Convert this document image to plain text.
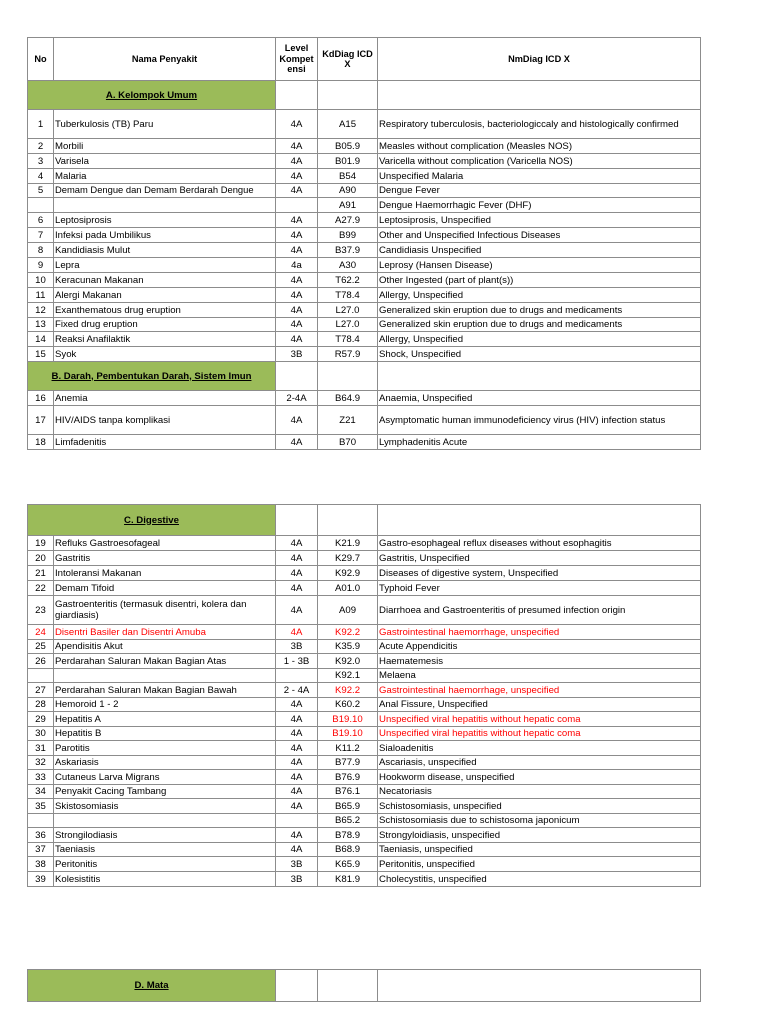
No	Nama Penyakit	Level Kompet ensi	KdDiag ICD X	NmDiag ICD X
A. Kelompok Umum				
1	Tuberkulosis (TB) Paru	4A	A15	Respiratory tuberculosis, bacteriologiccaly and histologically confirmed
2	Morbili	4A	B05.9	Measles without complication (Measles NOS)
3	Varisela	4A	B01.9	Varicella without complication (Varicella NOS)
4	Malaria	4A	B54	Unspecified Malaria
5	Demam Dengue dan Demam Berdarah Dengue	4A	A90	Dengue Fever
			A91	Dengue Haemorrhagic Fever (DHF)
6	Leptosiprosis	4A	A27.9	Leptosiprosis, Unspecified
7	Infeksi pada Umbilikus	4A	B99	Other and Unspecified Infectious Diseases
8	Kandidiasis Mulut	4A	B37.9	Candidiasis Unspecified
9	Lepra	4a	A30	Leprosy (Hansen Disease)
10	Keracunan Makanan	4A	T62.2	Other Ingested (part of plant(s))
11	Alergi Makanan	4A	T78.4	Allergy, Unspecified
12	Exanthematous drug eruption	4A	L27.0	Generalized skin eruption due to drugs and medicaments
13	Fixed drug eruption	4A	L27.0	Generalized skin eruption due to drugs and medicaments
14	Reaksi Anafilaktik	4A	T78.4	Allergy, Unspecified
15	Syok	3B	R57.9	Shock, Unspecified
B. Darah, Pembentukan Darah, Sistem Imun				
16	Anemia	2-4A	B64.9	Anaemia, Unspecified
17	HIV/AIDS tanpa komplikasi	4A	Z21	Asymptomatic human immunodeficiency virus (HIV) infection status
18	Limfadenitis	4A	B70	Lymphadenitis Acute
C. Digestive				
19	Refluks Gastroesofageal	4A	K21.9	Gastro-esophageal reflux diseases without esophagitis
20	Gastritis	4A	K29.7	Gastritis, Unspecified
21	Intoleransi Makanan	4A	K92.9	Diseases of digestive system, Unspecified
22	Demam Tifoid	4A	A01.0	Typhoid Fever
23	Gastroenteritis (termasuk disentri, kolera dan giardiasis)	4A	A09	Diarrhoea and Gastroenteritis of presumed infection origin
24	Disentri Basiler dan Disentri Amuba	4A	K92.2	Gastrointestinal haemorrhage, unspecified
25	Apendisitis Akut	3B	K35.9	Acute Appendicitis
26	Perdarahan Saluran Makan Bagian Atas	1 - 3B	K92.0	Haematemesis
			K92.1	Melaena
27	Perdarahan Saluran Makan Bagian Bawah	2 - 4A	K92.2	Gastrointestinal haemorrhage, unspecified
28	Hemoroid 1 - 2	4A	K60.2	Anal Fissure, Unspecified
29	Hepatitis A	4A	B19.10	Unspecified viral hepatitis without hepatic coma
30	Hepatitis B	4A	B19.10	Unspecified viral hepatitis without hepatic coma
31	Parotitis	4A	K11.2	Sialoadenitis
32	Askariasis	4A	B77.9	Ascariasis, unspecified
33	Cutaneus Larva Migrans	4A	B76.9	Hookworm disease, unspecified
34	Penyakit Cacing Tambang	4A	B76.1	Necatoriasis
35	Skistosomiasis	4A	B65.9	Schistosomiasis, unspecified
			B65.2	Schistosomiasis due to schistosoma japonicum
36	Strongilodiasis	4A	B78.9	Strongyloidiasis, unspecified
37	Taeniasis	4A	B68.9	Taeniasis, unspecified
38	Peritonitis	3B	K65.9	Peritonitis, unspecified
39	Kolesistitis	3B	K81.9	Cholecystitis, unspecified
D. Mata			
